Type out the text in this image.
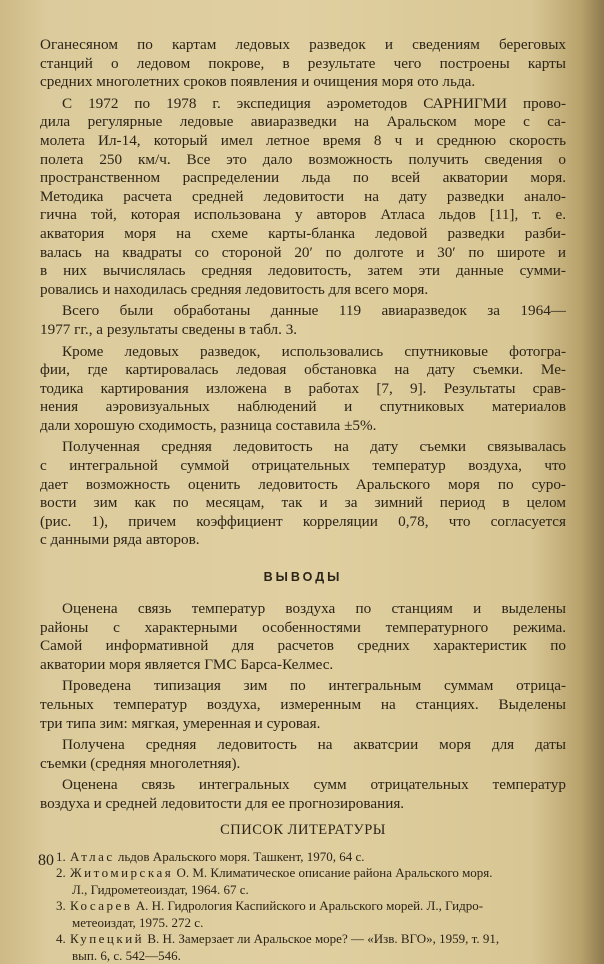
Оганесяном по картам ледовых разведок и сведениям береговых
станций о ледовом покрове, в результате чего построены карты
средних многолетних сроков появления и очищения моря ото льда.
С 1972 по 1978 г. экспедиция аэрометодов САРНИГМИ прово-
дила регулярные ледовые авиаразведки на Аральском море с са-
молета Ил-14, который имел летное время 8 ч и среднюю скорость
полета 250 км/ч. Все это дало возможность получить сведения о
пространственном распределении льда по всей акватории моря.
Методика расчета средней ледовитости на дату разведки анало-
гична той, которая использована у авторов Атласа льдов [11], т. е.
акватория моря на схеме карты-бланка ледовой разведки разби-
валась на квадраты со стороной 20′ по долготе и 30′ по широте и
в них вычислялась средняя ледовитость, затем эти данные сумми-
ровались и находилась средняя ледовитость для всего моря.
Всего были обработаны данные 119 авиаразведок за 1964—
1977 гг., а результаты сведены в табл. 3.
Кроме ледовых разведок, использовались спутниковые фотогра-
фии, где картировалась ледовая обстановка на дату съемки. Ме-
тодика картирования изложена в работах [7, 9]. Результаты срав-
нения аэровизуальных наблюдений и спутниковых материалов
дали хорошую сходимость, разница составила ±5%.
Полученная средняя ледовитость на дату съемки связывалась
с интегральной суммой отрицательных температур воздуха, что
дает возможность оценить ледовитость Аральского моря по суро-
вости зим как по месяцам, так и за зимний период в целом
(рис. 1), причем коэффициент корреляции 0,78, что согласуется
с данными ряда авторов.
ВЫВОДЫ
Оценена связь температур воздуха по станциям и выделены
районы с характерными особенностями температурного режима.
Самой информативной для расчетов средних характеристик по
акватории моря является ГМС Барса-Келмес.
Проведена типизация зим по интегральным суммам отрица-
тельных температур воздуха, измеренным на станциях. Выделены
три типа зим: мягкая, умеренная и суровая.
Получена средняя ледовитость на акватсрии моря для даты
съемки (средняя многолетняя).
Оценена связь интегральных сумм отрицательных температур
воздуха и средней ледовитости для ее прогнозирования.
СПИСОК ЛИТЕРАТУРЫ
1. Атлас льдов Аральского моря. Ташкент, 1970, 64 с.
2. Житомирская О. М. Климатическое описание района Аральского моря.
Л., Гидрометеоиздат, 1964. 67 с.
3. Косарев А. Н. Гидрология Каспийского и Аральского морей. Л., Гидро-
метеоиздат, 1975. 272 с.
4. Купецкий В. Н. Замерзает ли Аральское море? — «Изв. ВГО», 1959, т. 91,
вып. 6, с. 542—546.
80
